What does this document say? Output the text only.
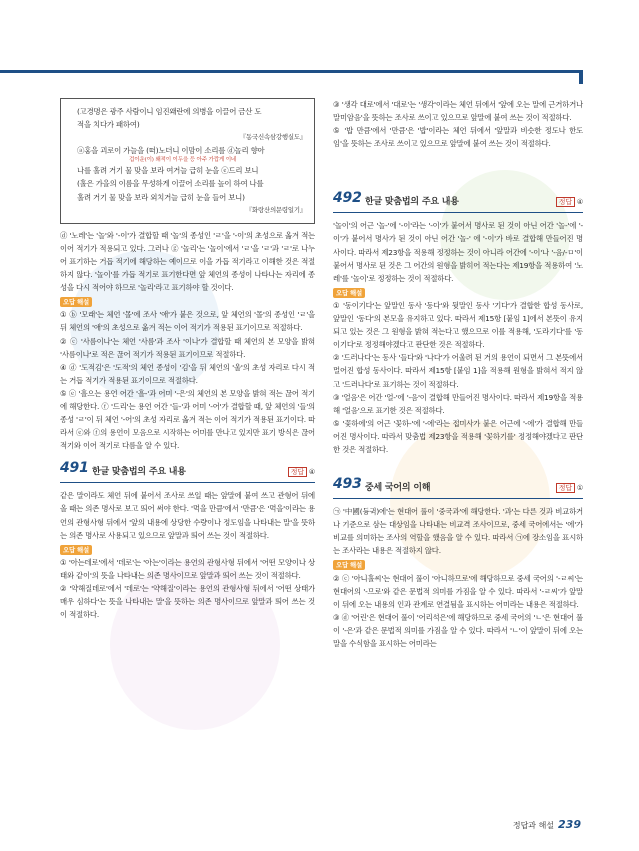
(고경명은 광주 사람이니 임진왜란에 의병을 이끌어 금산 도

적을 치다가 패하여)

『동국신속삼강행실도』

ⓐ홍을 괴로이 가늘을 (떠)노더니 이맘이 소리를 ⓓ놀리 향아

겁이운(이) 왜적이 이두을 등 아주 가깝게 이네

나를 홀려 거기 물 맞을 보라 여거늘 급히 눈을 ⓔ드리 보니

(홀은 가을의 이름을 무성하게 이끌어 소리를 높이 하여 나를

홀려 거기 물 맞을 보라 외치거늘 급히 눈을 들어 보니)

『화랑산의문령일기』

ⓓ '노레'는 '놀'와 '-이'가 결합할 때 '놀'의 종성인 'ㄹ'을 '-이'의 초성으로 옮겨 적는 이어 적기가 적용되고 있다. 그러나 ⓖ '놀리'는 '놀이'에서 'ㄹ'을 'ㄹ'과 'ㄹ'로 나누어 표기하는 거듭 적기에 해당하는 예이므로 이을 가듭 적기라고 이해한 것은 적절하지 않다. '놀이'를 가듭 적기로 표기한다면 앞 체언의 종성이 나타나는 자리에 종성을 다시 적어야 하므로 '놀리'라고 표기하야 할 것이다.

오답 해설

① ⓑ '모래'는 체언 '몰'에 조사 '애'가 붙은 것으로, 앞 체언의 '몰'의 종성인 'ㄹ'을 뒤 체언의 '애'의 초성으로 옮겨 적는 이어 적기가 적용된 표기이므로 적절하다.

② ⓒ '사름이나'는 체언 '사름'과 조사 '이나'가 결합할 때 체언의 본 모양을 밝혀 '사름이나'로 적은 끊어 적기가 적용된 표기이므로 적절하다.

④ ⓓ '도적김'은 '도적'의 체언 종성이 '김'을 뒤 체언의 '울'의 초성 자리로 다시 적는 거듭 적기가 적용된 표기이므로 적절하다.

⑤ ⓔ '흘으는 용언 어간 '흘-'과 어미 '-은'의 체언의 본 모양을 밝혀 적는 끊어 적기에 해당한다. ⓕ '드리'는 용언 어간 '들-'과 어미 '-어'가 결합할 때, 앞 체언의 '들'의 종성 'ㄹ'이 뒤 체언 '-어'의 초성 자리로 옮겨 적는 이어 적기가 적용된 표기이다. 따라서 ⓔ와 ⓕ의 용언이 모음으로 시작하는 어미를 만나고 있지만 표기 방식은 끊어 적기와 이어 적기로 다름을 알 수 있다.

491 한글 맞춤법의 주요 내용	정답 ④

같은 말이라도 체언 뒤에 붙어서 조사로 쓰일 때는 앞말에 붙여 쓰고 관형어 뒤에 올 때는 의존 명사로 보고 띄어 써야 한다. '먹을 만큼'에서 '만큼'은 '먹을'이라는 용언의 관형사형 뒤에서 '앞의 내용에 상당한 수량이나 정도임을 나타내는 말'을 뜻하는 의존 명사로 사용되고 있으므로 앞말과 띄어 쓰는 것이 적절하다.

오답 해설

① '아는데로'에서 '데로'는 '아는'이라는 용언의 관형사형 뒤에서 '어떤 모양이나 상태와 같이'의 뜻을 나타내는 의존 명사이므로 앞말과 띄어 쓰는 것이 적절하다.

② '약해질데로'에서 '데로'는 '약해질'이라는 용언의 관형사형 뒤에서 '어떤 상태가 매우 심하다'는 뜻을 나타내는 말'을 뜻하는 의존 명사이므로 앞말과 띄어 쓰는 것이 적절하다.

③ '생각 대로'에서 '대로'는 '생각'이라는 체언 뒤에서 '앞에 오는 말에 근거하거나 말미암음'을 뜻하는 조사로 쓰이고 있으므로 앞말에 붙여 쓰는 것이 적절하다.

⑤ '밥 만큼'에서 '만큼'은 '밥'이라는 체언 뒤에서 '앞말과 비슷한 정도나 한도임'을 뜻하는 조사로 쓰이고 있으므로 앞말에 붙여 쓰는 것이 적절하다.

492 한글 맞춤법의 주요 내용	정답 ④

'놀이'의 어근 '놀-'에 '-이'라는 '-이'가 붙어서 명사로 된 것이 아닌 어간 '놀-'에 '-이'가 붙어서 명사가 된 것이 아닌 어간 '놀-' 에 '-이'가 바로 결합해 만들어진 명사이다. 따라서 제23항을 적용해 정정하는 것이 아니라 어간에 '-이'나 '-음/-ㅁ'이 붙어서 명사로 된 것은 그 어간의 원형을 밝히어 적는다는 제19항을 적용하여 '노레'를 '놀이'로 정정하는 것이 적절하다.

오답 해설

① '동이기다'는 앞말인 동사 '동다'와 뒷말인 동사 '기다'가 결합한 합성 동사로, 앞말인 '동다'의 본모을 유지하고 있다. 따라서 제15항 [붙임 1]에서 본뜻이 유지되고 있는 것은 그 원형을 밝혀 적는다고 했으므로 이를 적용해, '도라기다'를 '동이기다'로 정정해야겠다고 판단한 것은 적절하다.

② '드러나다'는 동사 '들다'와 '나다'가 어울려 된 거의 용언이 되면서 그 본뜻에서 멀어진 합성 동사이다. 따라서 제15항 [붙임 1]을 적용해 원형을 밝혀서 적지 않고 '드러나다'로 표기하는 것이 적절하다.

③ '얼음'은 어간 '얼-'에 '-음'이 결합해 만들어진 명사이다. 따라서 제19항을 적용해 '얼음'으로 표기한 것은 적절하다.

⑤ '꽃하에'의 어근 '꽃하-'에 '-에'라는 접미사가 붙은 어근에 '-에'가 결합해 만들어진 명사이다. 따라서 맞춤법 제23항을 적용해 '꽃하기를' 정정해야겠다고 판단한 것은 적절하다.

493 중세 국어의 이해	정답 ①

㉠ '中國(듕귁)에'는 현대어 풀이 '중국과'에 해당한다. '과'는 다른 것과 비교하거나 기준으로 삼는 대상임을 나타내는 비교격 조사이므로, 중세 국어에서는 '에'가 비교를 의미하는 조사의 역할을 했음을 알 수 있다. 따라서 ㉠에 장소임을 표시하는 조사라는 내용은 적절하지 않다.

오답 해설

② ⓒ '아니홀씨'는 현대어 풀이 '아니하므로'에 해당하므로 중세 국어의 '-ㄹ씨'는 현대어의 '-므로'와 같은 문법적 의미를 가짐을 알 수 있다. 따라서 '-ㄹ씨'가 앞말이 뒤에 오는 내용의 인과 관계로 연결됨을 표시하는 어미라는 내용은 적절하다.

③ ⓓ '어린'은 현대어 풀이 '어리석은'에 해당하므로 중세 국어의 'ㄴ'은 현대어 풀이 '-은'과 같은 문법적 의미를 가짐을 알 수 있다. 따라서 'ㄴ'이 앞말이 뒤에 오는 말을 수식함을 표시하는 어미라는

정답과 해설 239
